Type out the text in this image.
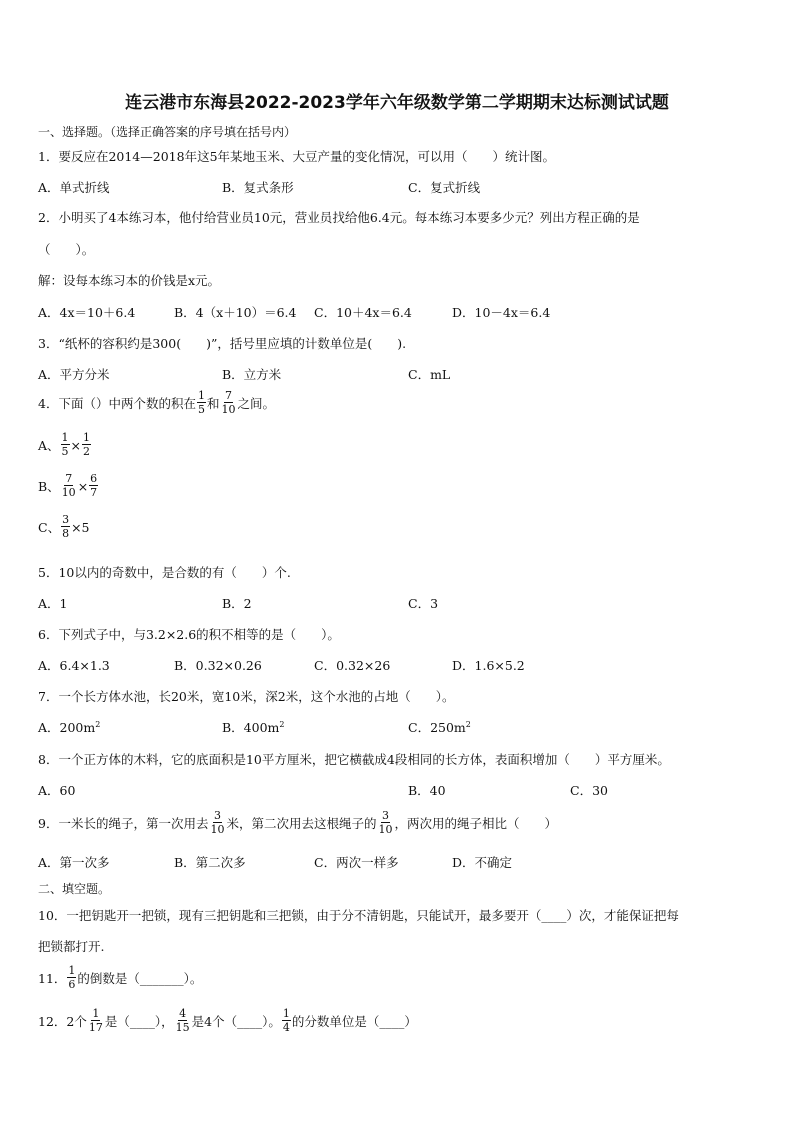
连云港市东海县2022-2023学年六年级数学第二学期期末达标测试试题
一、选择题。（选择正确答案的序号填在括号内）
1．要反应在2014—2018年这5年某地玉米、大豆产量的变化情况，可以用（　　）统计图。
A．单式折线	B．复式条形	C．复式折线
2．小明买了4本练习本，他付给营业员10元，营业员找给他6.4元。每本练习本要多少元？列出方程正确的是
（　　）。
解：设每本练习本的价钱是x元。
A．4x＝10＋6.4	B．4（x＋10）＝6.4 C．10＋4x＝6.4	D．10－4x＝6.4
3．“纸杯的容积约是300(　　)”，括号里应填的计数单位是(　　).
A．平方分米	B．立方米	C．mL
4．下面（）中两个数的积在 $\frac{1}{5}$ 和 $\frac{7}{10}$ 之间。
A、 $\frac{1}{5} \times \frac{1}{2}$
B、 $\frac{7}{10} \times \frac{6}{7}$
C、 $\frac{3}{8} \times 5$
5．10以内的奇数中，是合数的有（　　）个.
A．1	B．2	C．3
6．下列式子中，与3.2×2.6的积不相等的是（　　）。
A．6.4×1.3	B．0.32×0.26	C．0.32×26	D．1.6×5.2
7．一个长方体水池，长20米，宽10米，深2米，这个水池的占地（　　）。
A．$200m^2$	B．$400m^2$	C．$250m^2$
8．一个正方体的木料，它的底面积是10平方厘米，把它横截成4段相同的长方体，表面积增加（　　）平方厘米。
A．60	B．40	C．30
9．一米长的绳子，第一次用去 $\frac{3}{10}$ 米，第二次用去这根绳子的 $\frac{3}{10}$ ，两次用的绳子相比（　　）
A．第一次多	B．第二次多	C．两次一样多	D．不确定
二、填空题。
10．一把钥匙开一把锁，现有三把钥匙和三把锁，由于分不清钥匙，只能试开，最多要开（____）次，才能保证把每
把锁都打开.
11． $\frac{1}{6}$ 的倒数是（_______）。
12．2个 $\frac{1}{17}$ 是（____）， $\frac{4}{15}$ 是4个（____）。 $\frac{1}{4}$ 的分数单位是（____）
